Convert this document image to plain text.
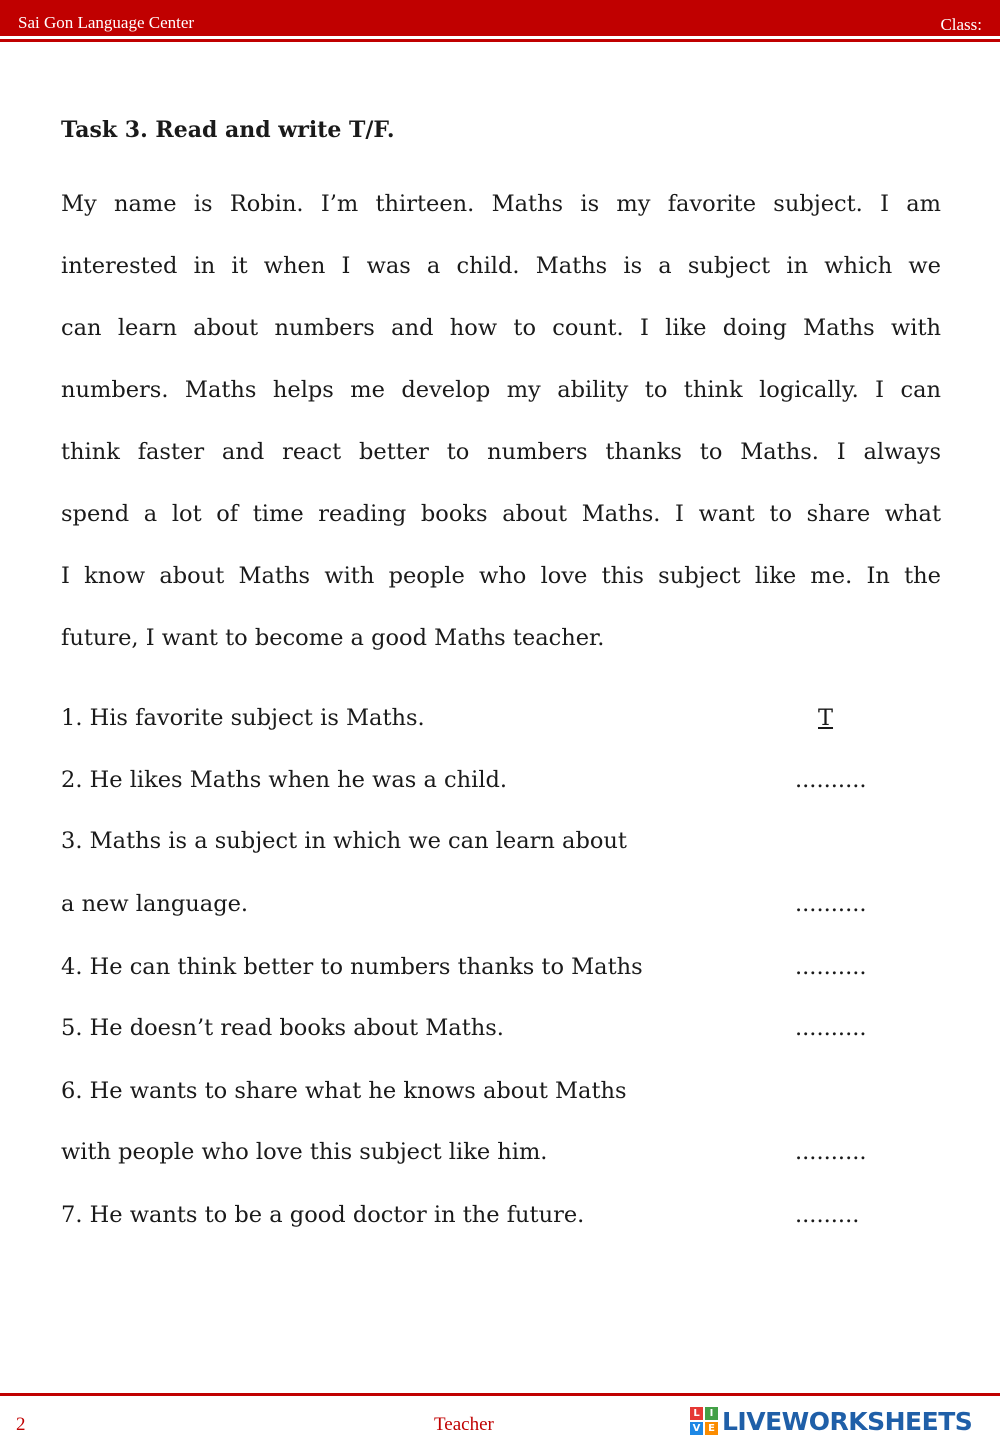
Sai Gon Language Center	Class:
Task 3. Read and write T/F.
My name is Robin. I’m thirteen. Maths is my favorite subject. I am
interested in it when I was a child. Maths is a subject in which we
can learn about numbers and how to count. I like doing Maths with
numbers. Maths helps me develop my ability to think logically. I can
think faster and react better to numbers thanks to Maths. I always
spend a lot of time reading books about Maths. I want to share what
I know about Maths with people who love this subject like me. In the
future, I want to become a good Maths teacher.
1. His favorite subject is Maths.	T
2. He likes Maths when he was a child.	..........
3. Maths is a subject in which we can learn about
a new language.	..........
4. He can think better to numbers thanks to Maths	..........
5. He doesn’t read books about Maths.	..........
6. He wants to share what he knows about Maths
with people who love this subject like him.	..........
7. He wants to be a good doctor in the future.	.........
2	Teacher
L I
V E LIVEWORKSHEETS
